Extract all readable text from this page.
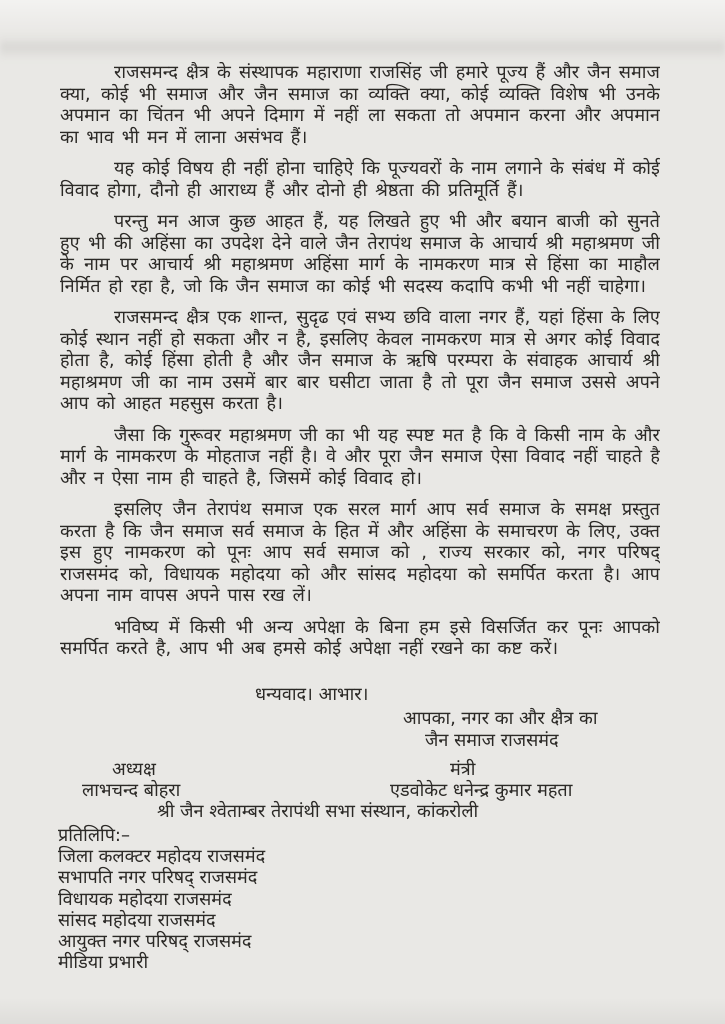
राजसमन्द क्षैत्र के संस्थापक महाराणा राजसिंह जी हमारे पूज्य हैं और जैन समाज क्या, कोई भी समाज और जैन समाज का व्यक्ति क्या, कोई व्यक्ति विशेष भी उनके अपमान का चिंतन भी अपने दिमाग में नहीं ला सकता तो अपमान करना और अपमान का भाव भी मन में लाना असंभव हैं।

यह कोई विषय ही नहीं होना चाहिऐ कि पूज्यवरों के नाम लगाने के संबंध में कोई विवाद होगा, दौनो ही आराध्य हैं और दोनो ही श्रेष्ठता की प्रतिमूर्ति हैं।

परन्तु मन आज कुछ आहत हैं, यह लिखते हुए भी और बयान बाजी को सुनते हुए भी की अहिंसा का उपदेश देने वाले जैन तेरापंथ समाज के आचार्य श्री महाश्रमण जी के नाम पर आचार्य श्री महाश्रमण अहिंसा मार्ग के नामकरण मात्र से हिंसा का माहौल निर्मित हो रहा है, जो कि जैन समाज का कोई भी सदस्य कदापि कभी भी नहीं चाहेगा।

राजसमन्द क्षैत्र एक शान्त, सुदृढ एवं सभ्य छवि वाला नगर हैं, यहां हिंसा के लिए कोई स्थान नहीं हो सकता और न है, इसलिए केवल नामकरण मात्र से अगर कोई विवाद होता है, कोई हिंसा होती है और जैन समाज के ऋषि परम्परा के संवाहक आचार्य श्री महाश्रमण जी का नाम उसमें बार बार घसीटा जाता है तो पूरा जैन समाज उससे अपने आप को आहत महसुस करता है।

जैसा कि गुरूवर महाश्रमण जी का भी यह स्पष्ट मत है कि वे किसी नाम के और मार्ग के नामकरण के मोहताज नहीं है। वे और पूरा जैन समाज ऐसा विवाद नहीं चाहते है और न ऐसा नाम ही चाहते है, जिसमें कोई विवाद हो।

इसलिए जैन तेरापंथ समाज एक सरल मार्ग आप सर्व समाज के समक्ष प्रस्तुत करता है कि जैन समाज सर्व समाज के हित में और अहिंसा के समाचरण के लिए, उक्त इस हुए नामकरण को पूनः आप सर्व समाज को , राज्य सरकार को, नगर परिषद् राजसमंद को, विधायक महोदया को और सांसद महोदया को समर्पित करता है। आप अपना नाम वापस अपने पास रख लें।

भविष्य में किसी भी अन्य अपेक्षा के बिना हम इसे विसर्जित कर पूनः आपको समर्पित करते है, आप भी अब हमसे कोई अपेक्षा नहीं रखने का कष्ट करें।

धन्यवाद। आभार।
आपका, नगर का और क्षैत्र का
जैन समाज राजसमंद
अध्यक्ष	मंत्री
लाभचन्द बोहरा	एडवोकेट धनेन्द्र कुमार महता
श्री जैन श्वेताम्बर तेरापंथी सभा संस्थान, कांकरोली
प्रतिलिपि:–
जिला कलक्टर महोदय राजसमंद
सभापति नगर परिषद् राजसमंद
विधायक महोदया राजसमंद
सांसद महोदया राजसमंद
आयुक्त नगर परिषद् राजसमंद
मीडिया प्रभारी
